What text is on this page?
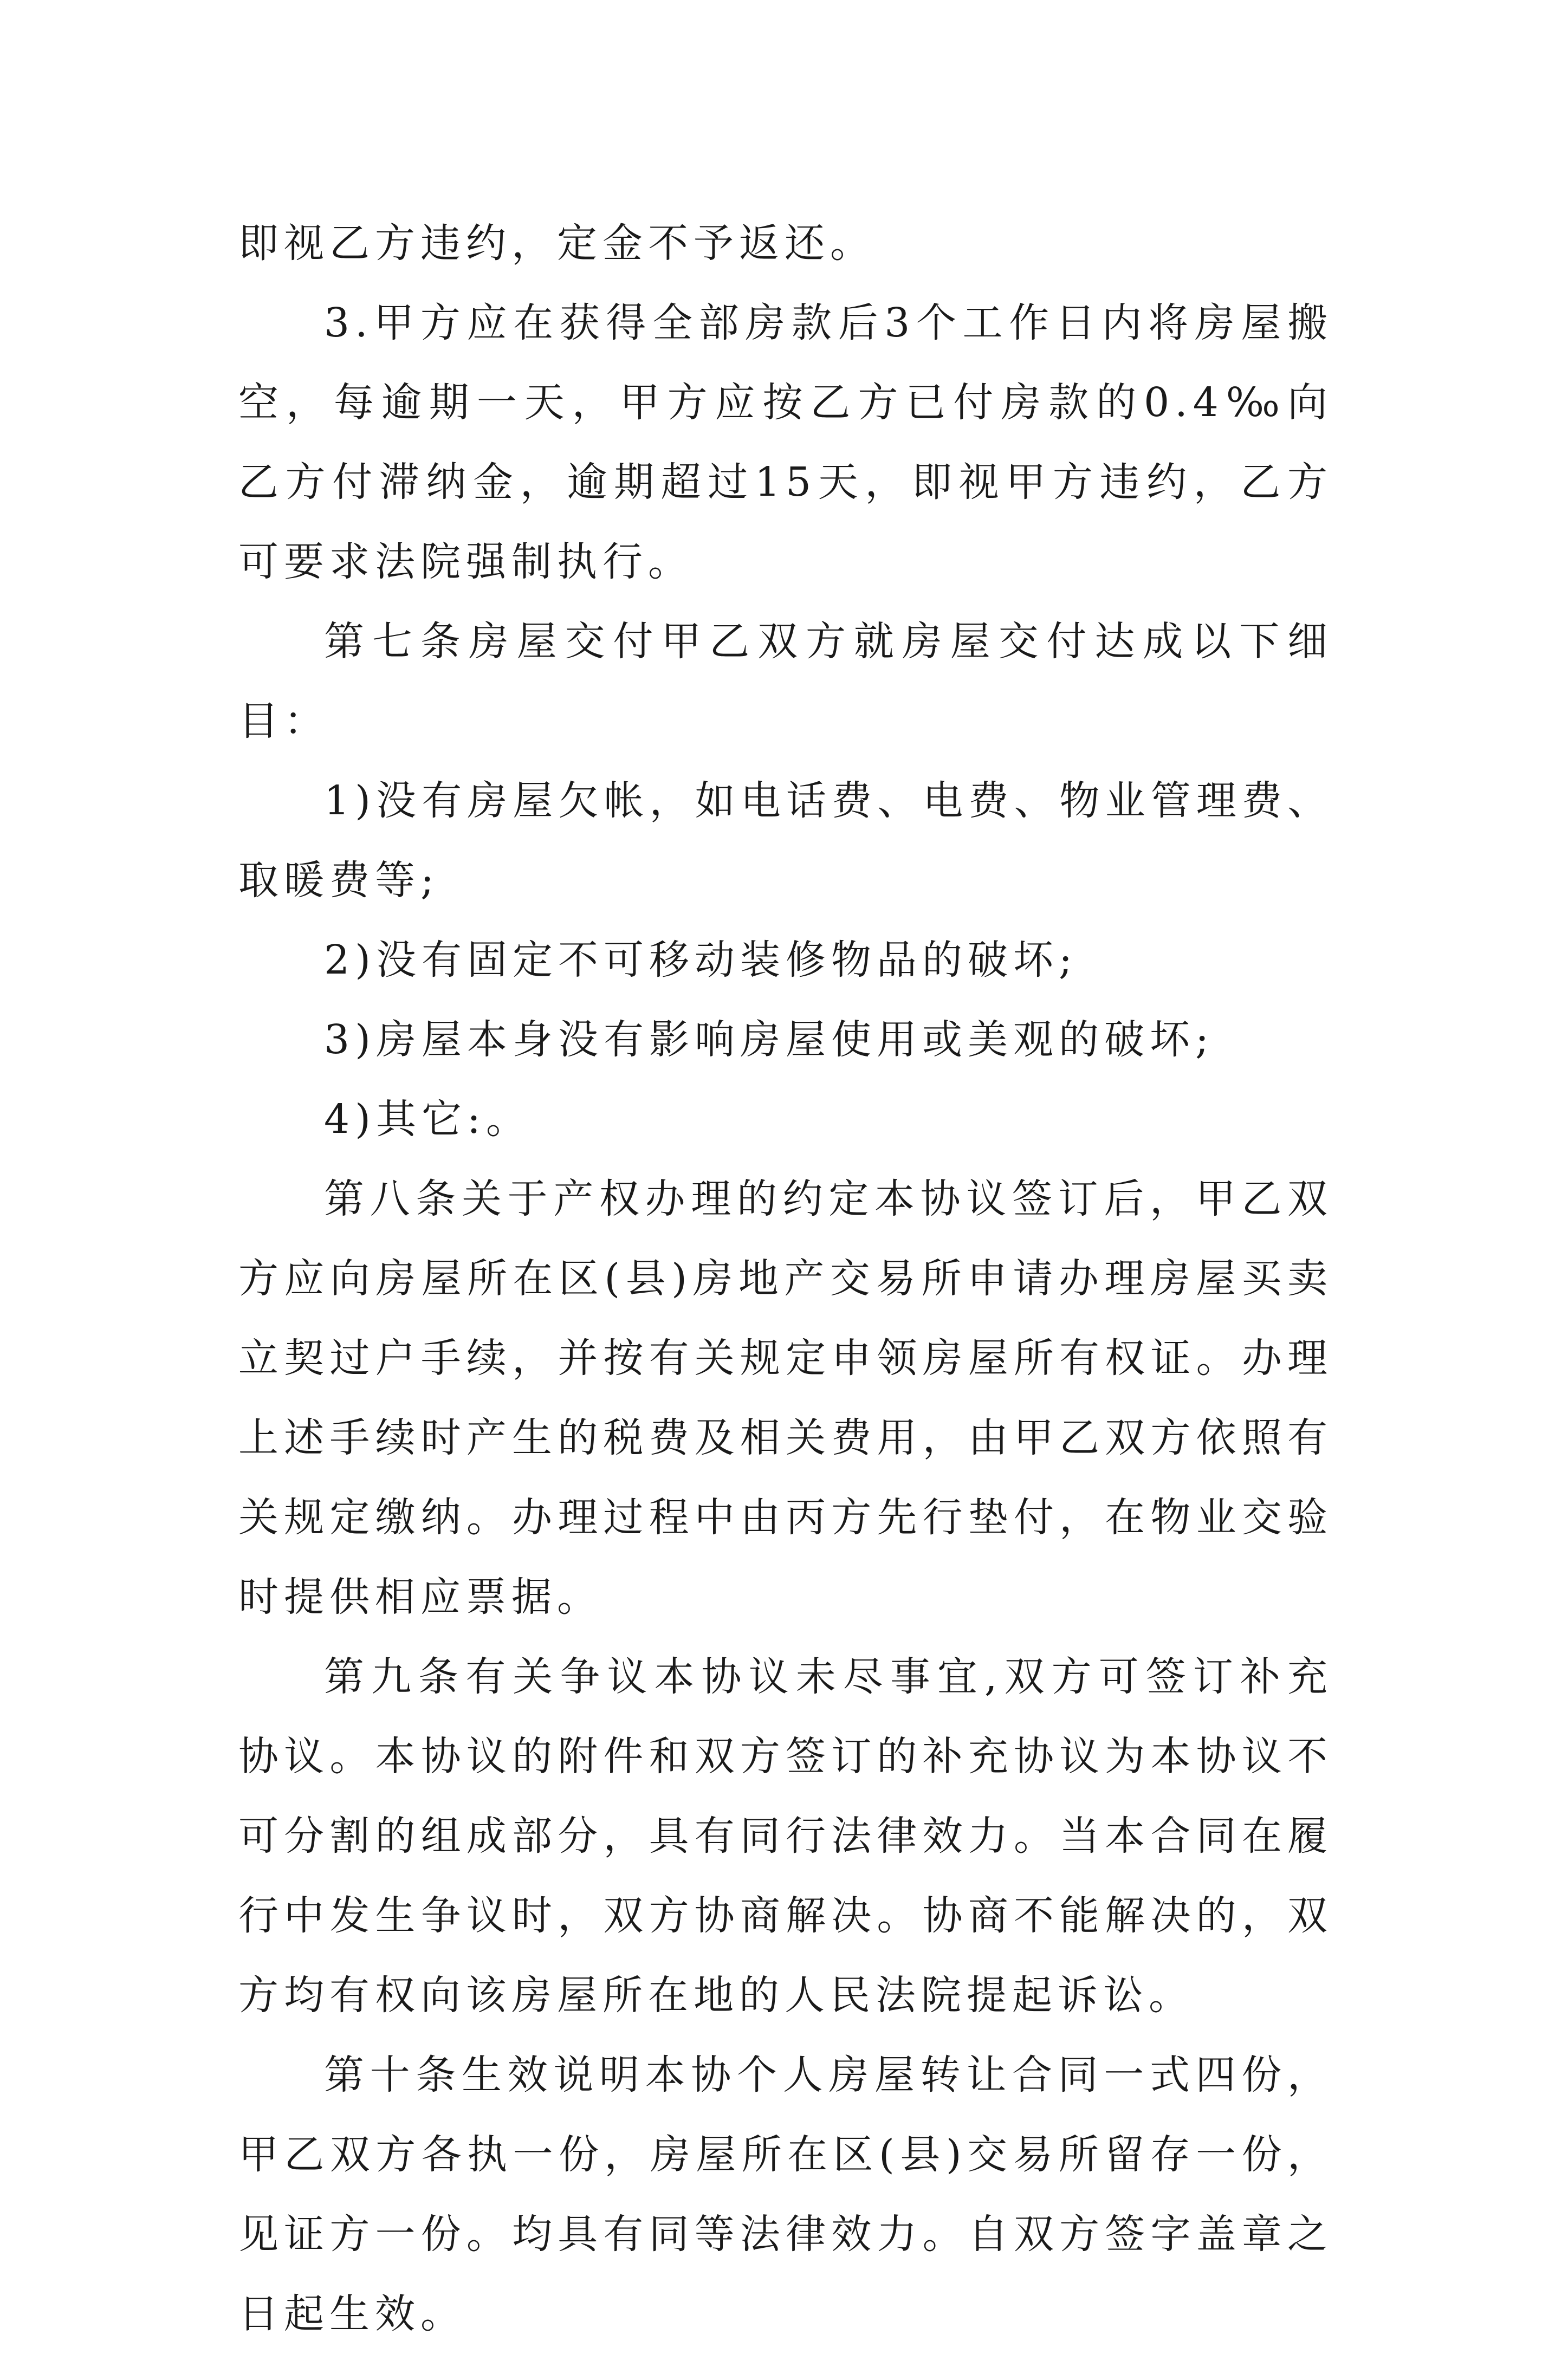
即视乙方违约，定金不予返还。

3.甲方应在获得全部房款后3个工作日内将房屋搬空，每逾期一天，甲方应按乙方已付房款的0.4‰向乙方付滞纳金，逾期超过15天，即视甲方违约，乙方可要求法院强制执行。

第七条房屋交付甲乙双方就房屋交付达成以下细目：

1)没有房屋欠帐，如电话费、电费、物业管理费、取暖费等;

2)没有固定不可移动装修物品的破坏;

3)房屋本身没有影响房屋使用或美观的破坏;

4)其它:。

第八条关于产权办理的约定本协议签订后，甲乙双方应向房屋所在区(县)房地产交易所申请办理房屋买卖立契过户手续，并按有关规定申领房屋所有权证。办理上述手续时产生的税费及相关费用，由甲乙双方依照有关规定缴纳。办理过程中由丙方先行垫付，在物业交验时提供相应票据。

第九条有关争议本协议未尽事宜,双方可签订补充协议。本协议的附件和双方签订的补充协议为本协议不可分割的组成部分，具有同行法律效力。当本合同在履行中发生争议时，双方协商解决。协商不能解决的，双方均有权向该房屋所在地的人民法院提起诉讼。

第十条生效说明本协个人房屋转让合同一式四份，甲乙双方各执一份，房屋所在区(县)交易所留存一份，见证方一份。均具有同等法律效力。自双方签字盖章之日起生效。
